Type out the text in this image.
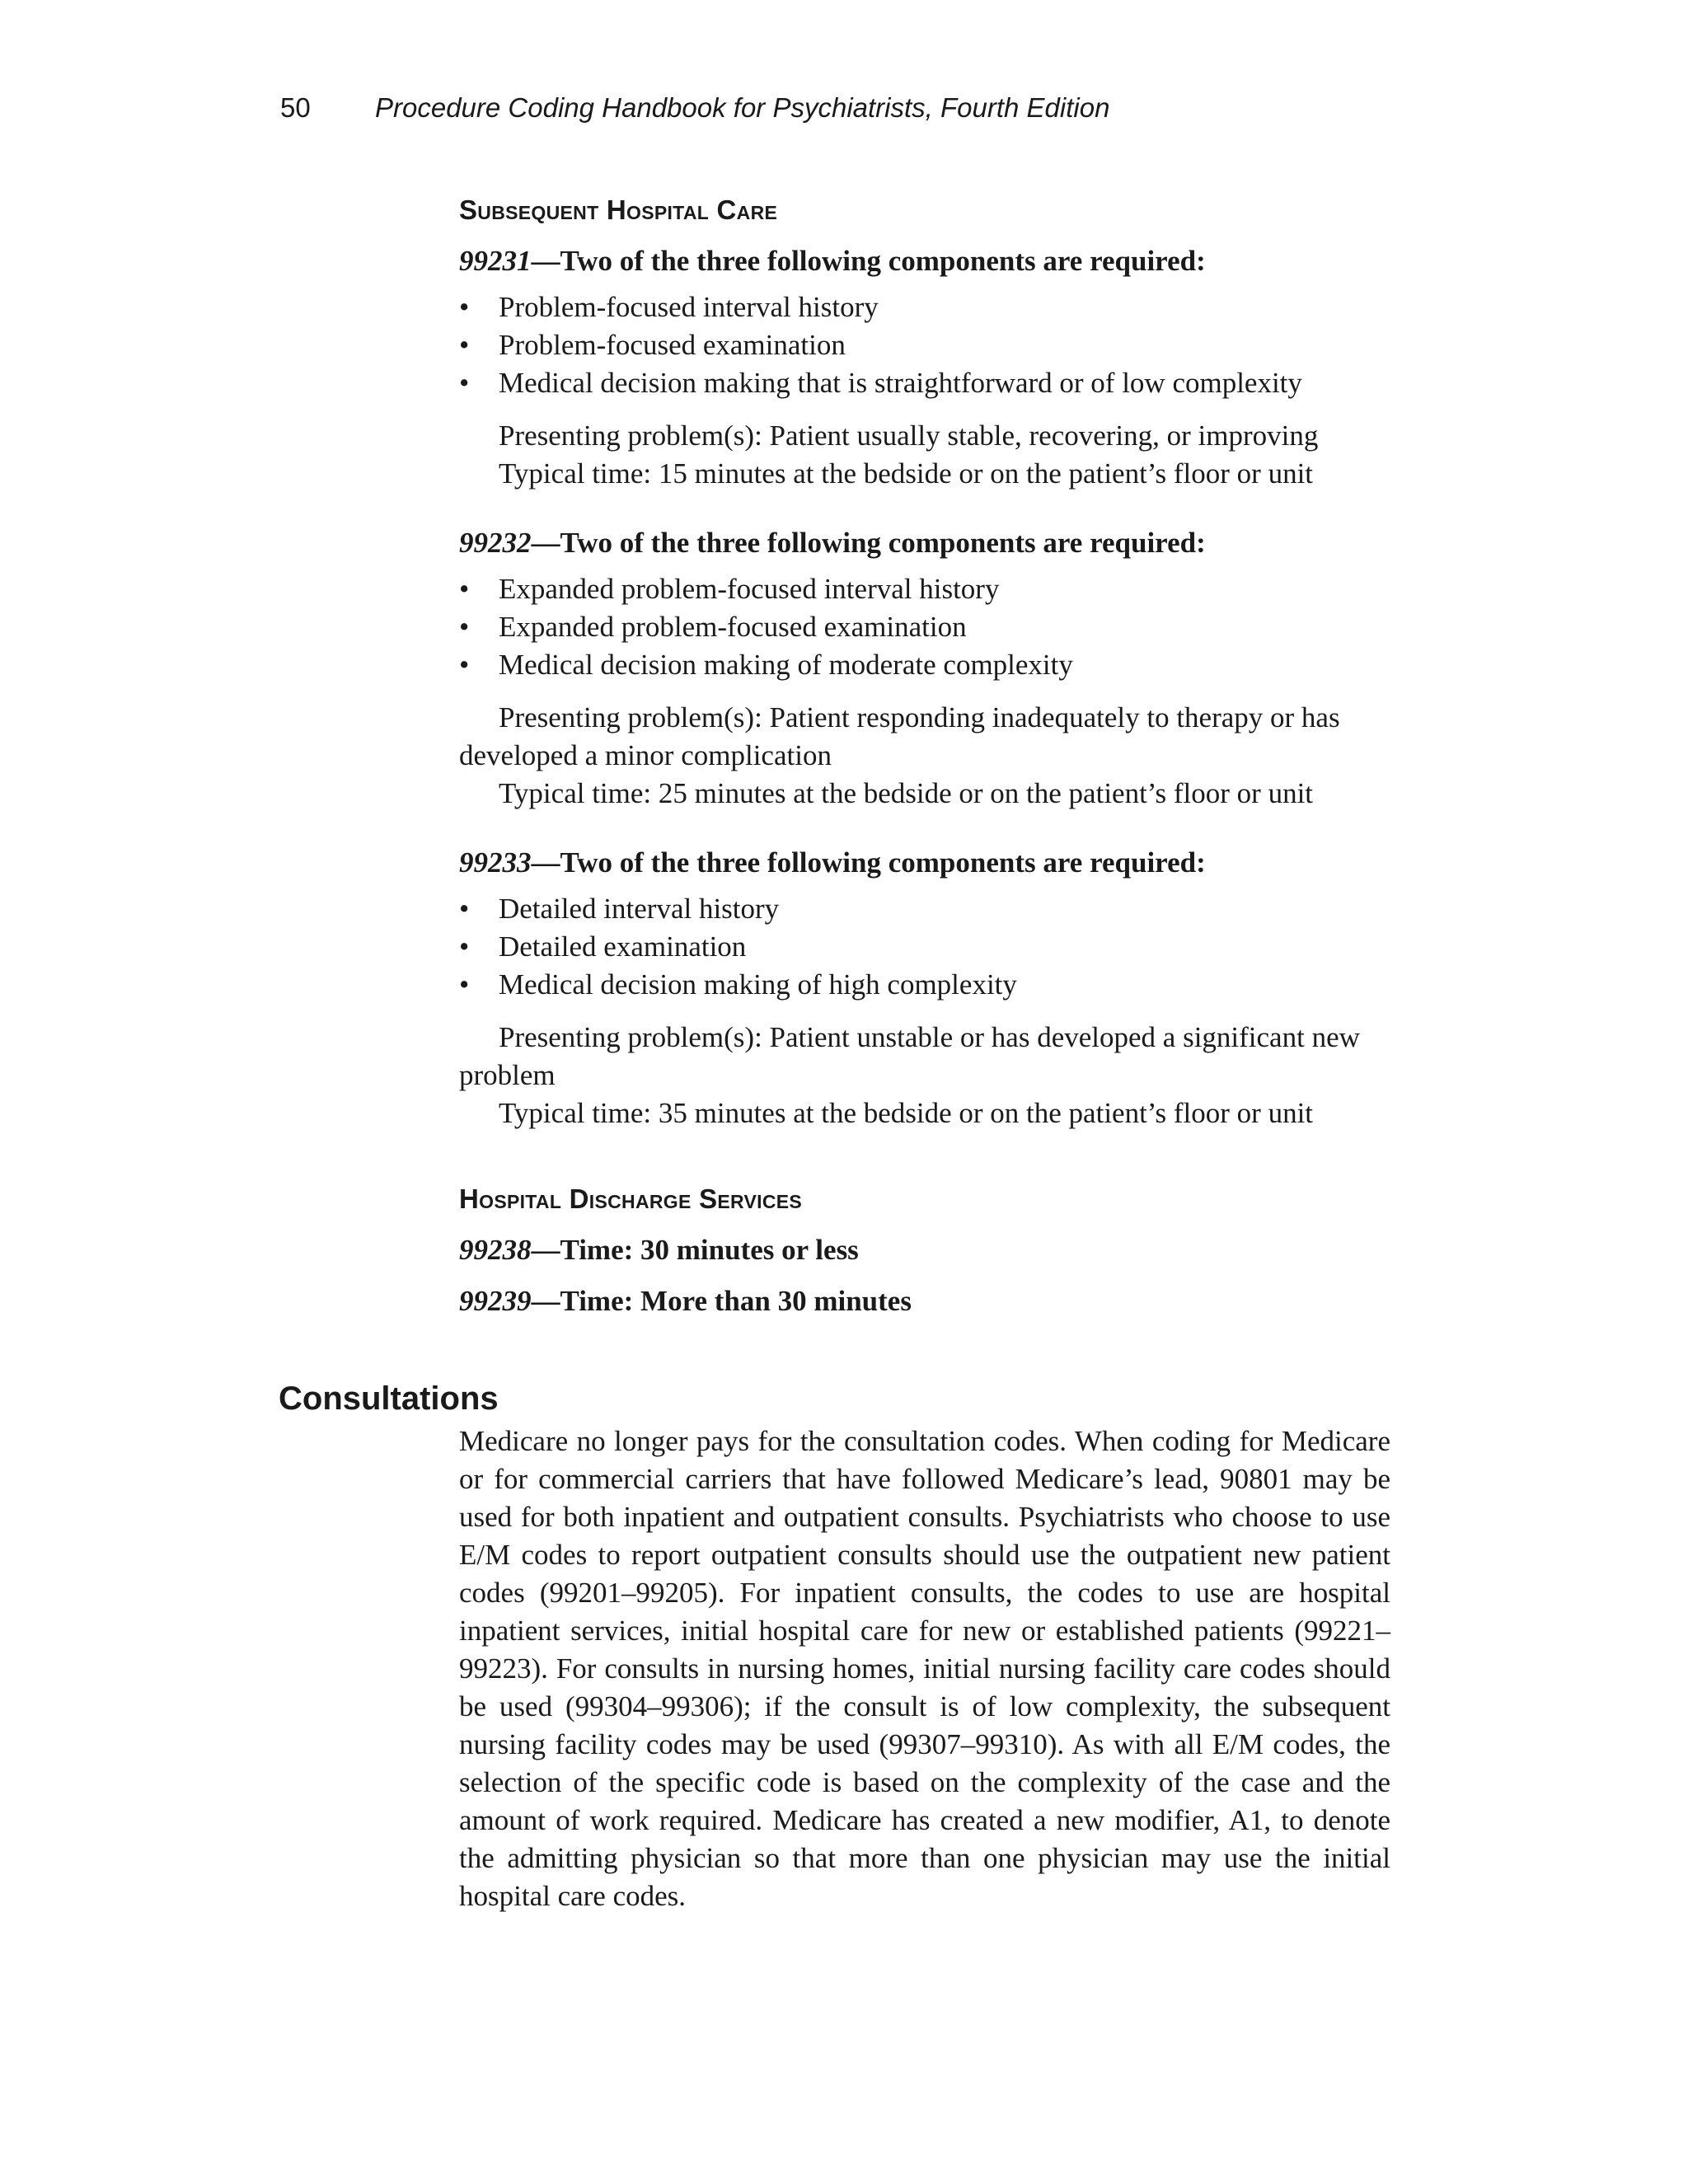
50	Procedure Coding Handbook for Psychiatrists, Fourth Edition
Subsequent Hospital Care
99231—Two of the three following components are required:
•	Problem-focused interval history
•	Problem-focused examination
•	Medical decision making that is straightforward or of low complexity

Presenting problem(s): Patient usually stable, recovering, or improving

Typical time: 15 minutes at the bedside or on the patient’s floor or unit

99232—Two of the three following components are required:
•	Expanded problem-focused interval history
•	Expanded problem-focused examination
•	Medical decision making of moderate complexity

Presenting problem(s): Patient responding inadequately to therapy or has developed a minor complication

Typical time: 25 minutes at the bedside or on the patient’s floor or unit

99233—Two of the three following components are required:
•	Detailed interval history
•	Detailed examination
•	Medical decision making of high complexity

Presenting problem(s): Patient unstable or has developed a significant new problem

Typical time: 35 minutes at the bedside or on the patient’s floor or unit

Hospital Discharge Services
99238—Time: 30 minutes or less
99239—Time: More than 30 minutes
Consultations

Medicare no longer pays for the consultation codes. When coding for Medicare or for commercial carriers that have followed Medicare’s lead, 90801 may be used for both inpatient and outpatient consults. Psychiatrists who choose to use E/M codes to report outpatient consults should use the outpatient new patient codes (99201–99205). For inpatient consults, the codes to use are hospital inpatient services, initial hospital care for new or established patients (99221–99223). For consults in nursing homes, initial nursing facility care codes should be used (99304–99306); if the consult is of low complexity, the subsequent nursing facility codes may be used (99307–99310). As with all E/M codes, the selection of the specific code is based on the complexity of the case and the amount of work required. Medicare has created a new modifier, A1, to denote the admitting physician so that more than one physician may use the initial hospital care codes.
